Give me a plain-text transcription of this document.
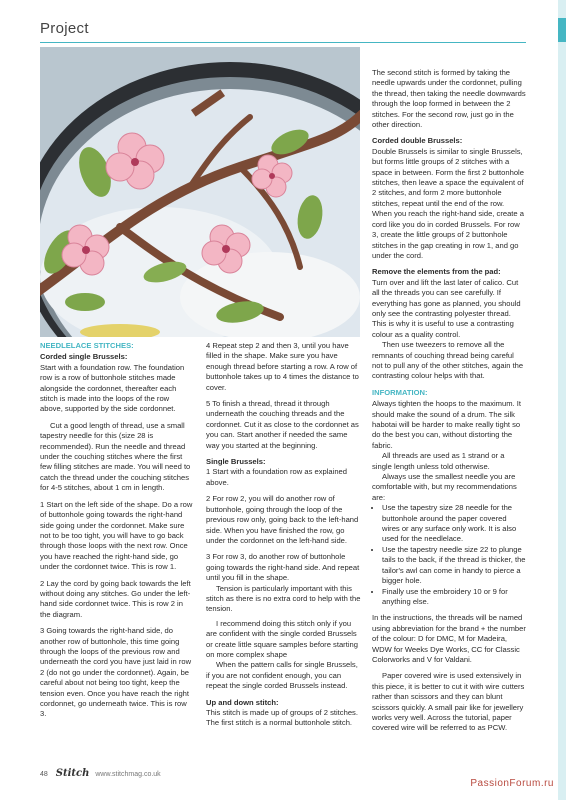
Project
NEEDLELACE STITCHES:
Corded single Brussels:

Start with a foundation row. The foundation row is a row of buttonhole stitches made alongside the cordonnet, thereafter each stitch is made into the loops of the row above, supported by the side cordonnet.

Cut a good length of thread, use a small tapestry needle for this (size 28 is recommended). Run the needle and thread under the couching stitches where the first few filling stitches are made. You will need to catch the thread under the couching stitches for 4-5 stitches, about 1 cm in length.

1 Start on the left side of the shape. Do a row of buttonhole going towards the right-hand side going under the cordonnet. Make sure not to be too tight, you will have to go back through those loops with the next row. Once you have reached the right-hand side, go under the cordonnet twice. This is row 1.

2 Lay the cord by going back towards the left without doing any stitches. Go under the left-hand side cordonnet twice. This is row 2 in the diagram.

3 Going towards the right-hand side, do another row of buttonhole, this time going through the loops of the previous row and underneath the cord you have just laid in row 2 (do not go under the cordonnet). Again, be careful about not being too tight, keep the tension even. Once you have reach the right cordonnet, go underneath twice. This is row 3.

4 Repeat step 2 and then 3, until you have filled in the shape. Make sure you have enough thread before starting a row. A row of buttonhole takes up to 4 times the distance to cover.

5 To finish a thread, thread it through underneath the couching threads and the cordonnet. Cut it as close to the cordonnet as you can. Start another if needed the same way you started at the beginning.

Single Brussels:

1 Start with a foundation row as explained above.

2 For row 2, you will do another row of buttonhole, going through the loop of the previous row only, going back to the left-hand side. When you have finished the row, go under the cordonnet on the left-hand side.

3 For row 3, do another row of buttonhole going towards the right-hand side. And repeat until you fill in the shape.

Tension is particularly important with this stitch as there is no extra cord to help with the tension.

I recommend doing this stitch only if you are confident with the single corded Brussels or create little square samples before starting on more complex shape

When the pattern calls for single Brussels, if you are not confident enough, you can repeat the single corded Brussels instead.

Up and down stitch:

This stitch is made up of groups of 2 stitches. The first stitch is a normal buttonhole stitch.

The second stitch is formed by taking the needle upwards under the cordonnet, pulling the thread, then taking the needle downwards through the loop formed in between the 2 stitches. For the second row, just go in the other direction.

Corded double Brussels:

Double Brussels is similar to single Brussels, but forms little groups of 2 stitches with a space in between. Form the first 2 buttonhole stitches, then leave a space the equivalent of 2 stitches, and form 2 more buttonhole stitches, repeat until the end of the row. When you reach the right-hand side, create a cord like you do in corded Brussels. For row 3, create the little groups of 2 buttonhole stitches in the gap creating in row 1, and go under the cord.

Remove the elements from the pad:

Turn over and lift the last later of calico. Cut all the threads you can see carefully. If everything has gone as planned, you should only see the contrasting polyester thread. This is why it is useful to use a contrasting colour as a quality control.

Then use tweezers to remove all the remnants of couching thread being careful not to pull any of the other stitches, again the contrasting colour helps with that.

INFORMATION:

Always tighten the hoops to the maximum. It should make the sound of a drum. The silk habotai will be harder to make really tight so do the best you can, without distorting the fabric.

All threads are used as 1 strand or a single length unless told otherwise.

Always use the smallest needle you are comfortable with, but my recommendations are:

• Use the tapestry size 28 needle for the buttonhole around the paper covered wires or any surface only work. It is also used for the needlelace.
• Use the tapestry needle size 22 to plunge tails to the back, if the thread is thicker, the tailor's awl can come in handy to pierce a bigger hole.
• Finally use the embroidery 10 or 9 for anything else.

In the instructions, the threads will be named using abbreviation for the brand + the number of the colour: D for DMC, M for Madeira, WDW for Weeks Dye Works, CC for Classic Colorworks and V for Valdani.

Paper covered wire is used extensively in this piece, it is better to cut it with wire cutters rather than scissors and they can blunt scissors quickly. A small pair like for jewellery works very well. Across the tutorial, paper covered wire will be referred to as PCW.

48 Stitch www.stitchmag.co.uk
PassionForum.ru
